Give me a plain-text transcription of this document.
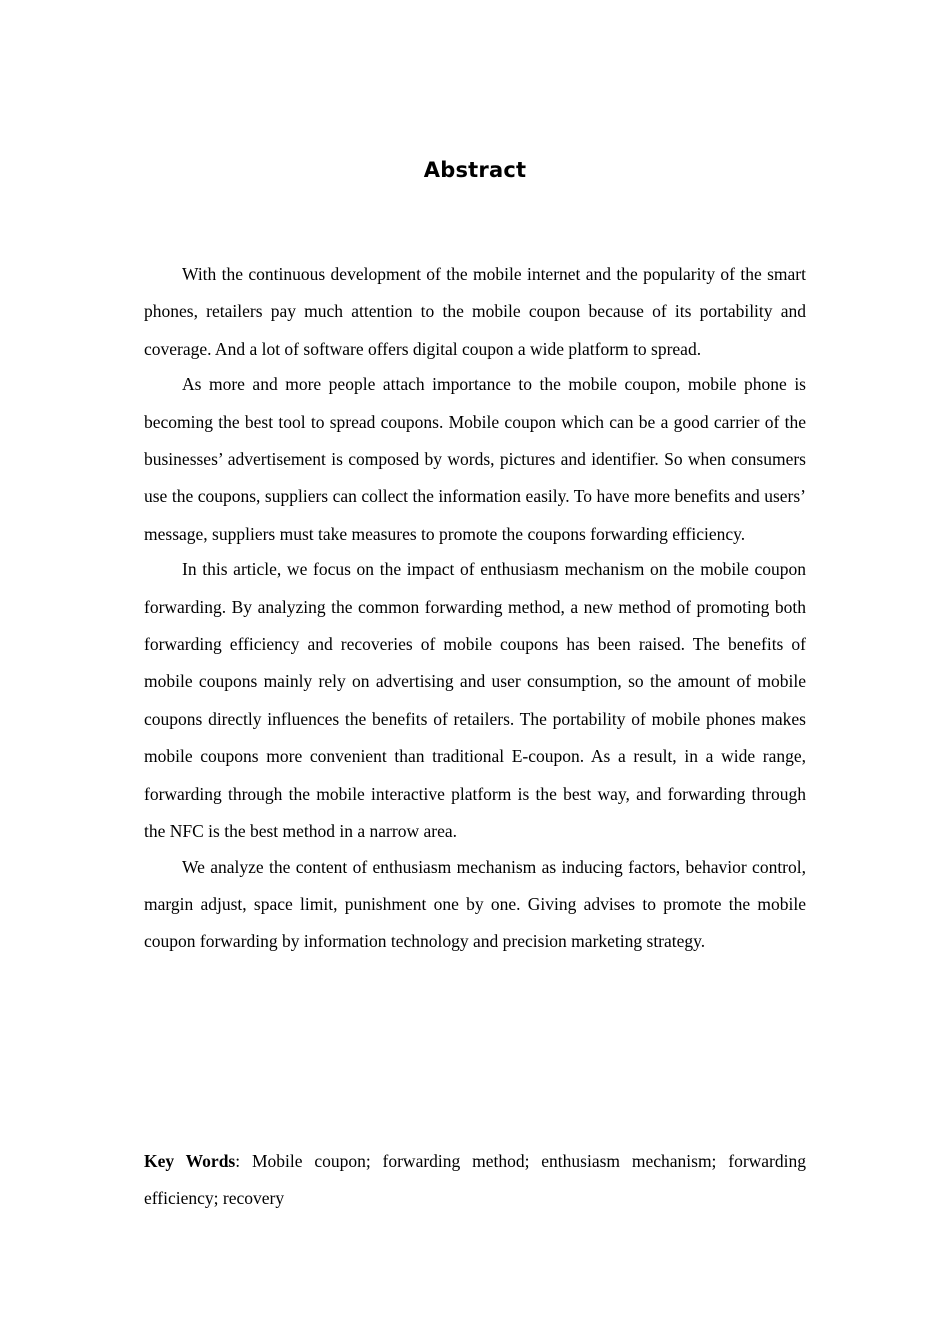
Abstract

With the continuous development of the mobile internet and the popularity of the smart phones, retailers pay much attention to the mobile coupon because of its portability and coverage. And a lot of software offers digital coupon a wide platform to spread.

As more and more people attach importance to the mobile coupon, mobile phone is becoming the best tool to spread coupons. Mobile coupon which can be a good carrier of the businesses’ advertisement is composed by words, pictures and identifier. So when consumers use the coupons, suppliers can collect the information easily. To have more benefits and users’ message, suppliers must take measures to promote the coupons forwarding efficiency.

In this article, we focus on the impact of enthusiasm mechanism on the mobile coupon forwarding. By analyzing the common forwarding method, a new method of promoting both forwarding efficiency and recoveries of mobile coupons has been raised. The benefits of mobile coupons mainly rely on advertising and user consumption, so the amount of mobile coupons directly influences the benefits of retailers. The portability of mobile phones makes mobile coupons more convenient than traditional E-coupon. As a result, in a wide range, forwarding through the mobile interactive platform is the best way, and forwarding through the NFC is the best method in a narrow area.

We analyze the content of enthusiasm mechanism as inducing factors, behavior control, margin adjust, space limit, punishment one by one. Giving advises to promote the mobile coupon forwarding by information technology and precision marketing strategy.

Key Words: Mobile coupon; forwarding method; enthusiasm mechanism; forwarding efficiency; recovery
